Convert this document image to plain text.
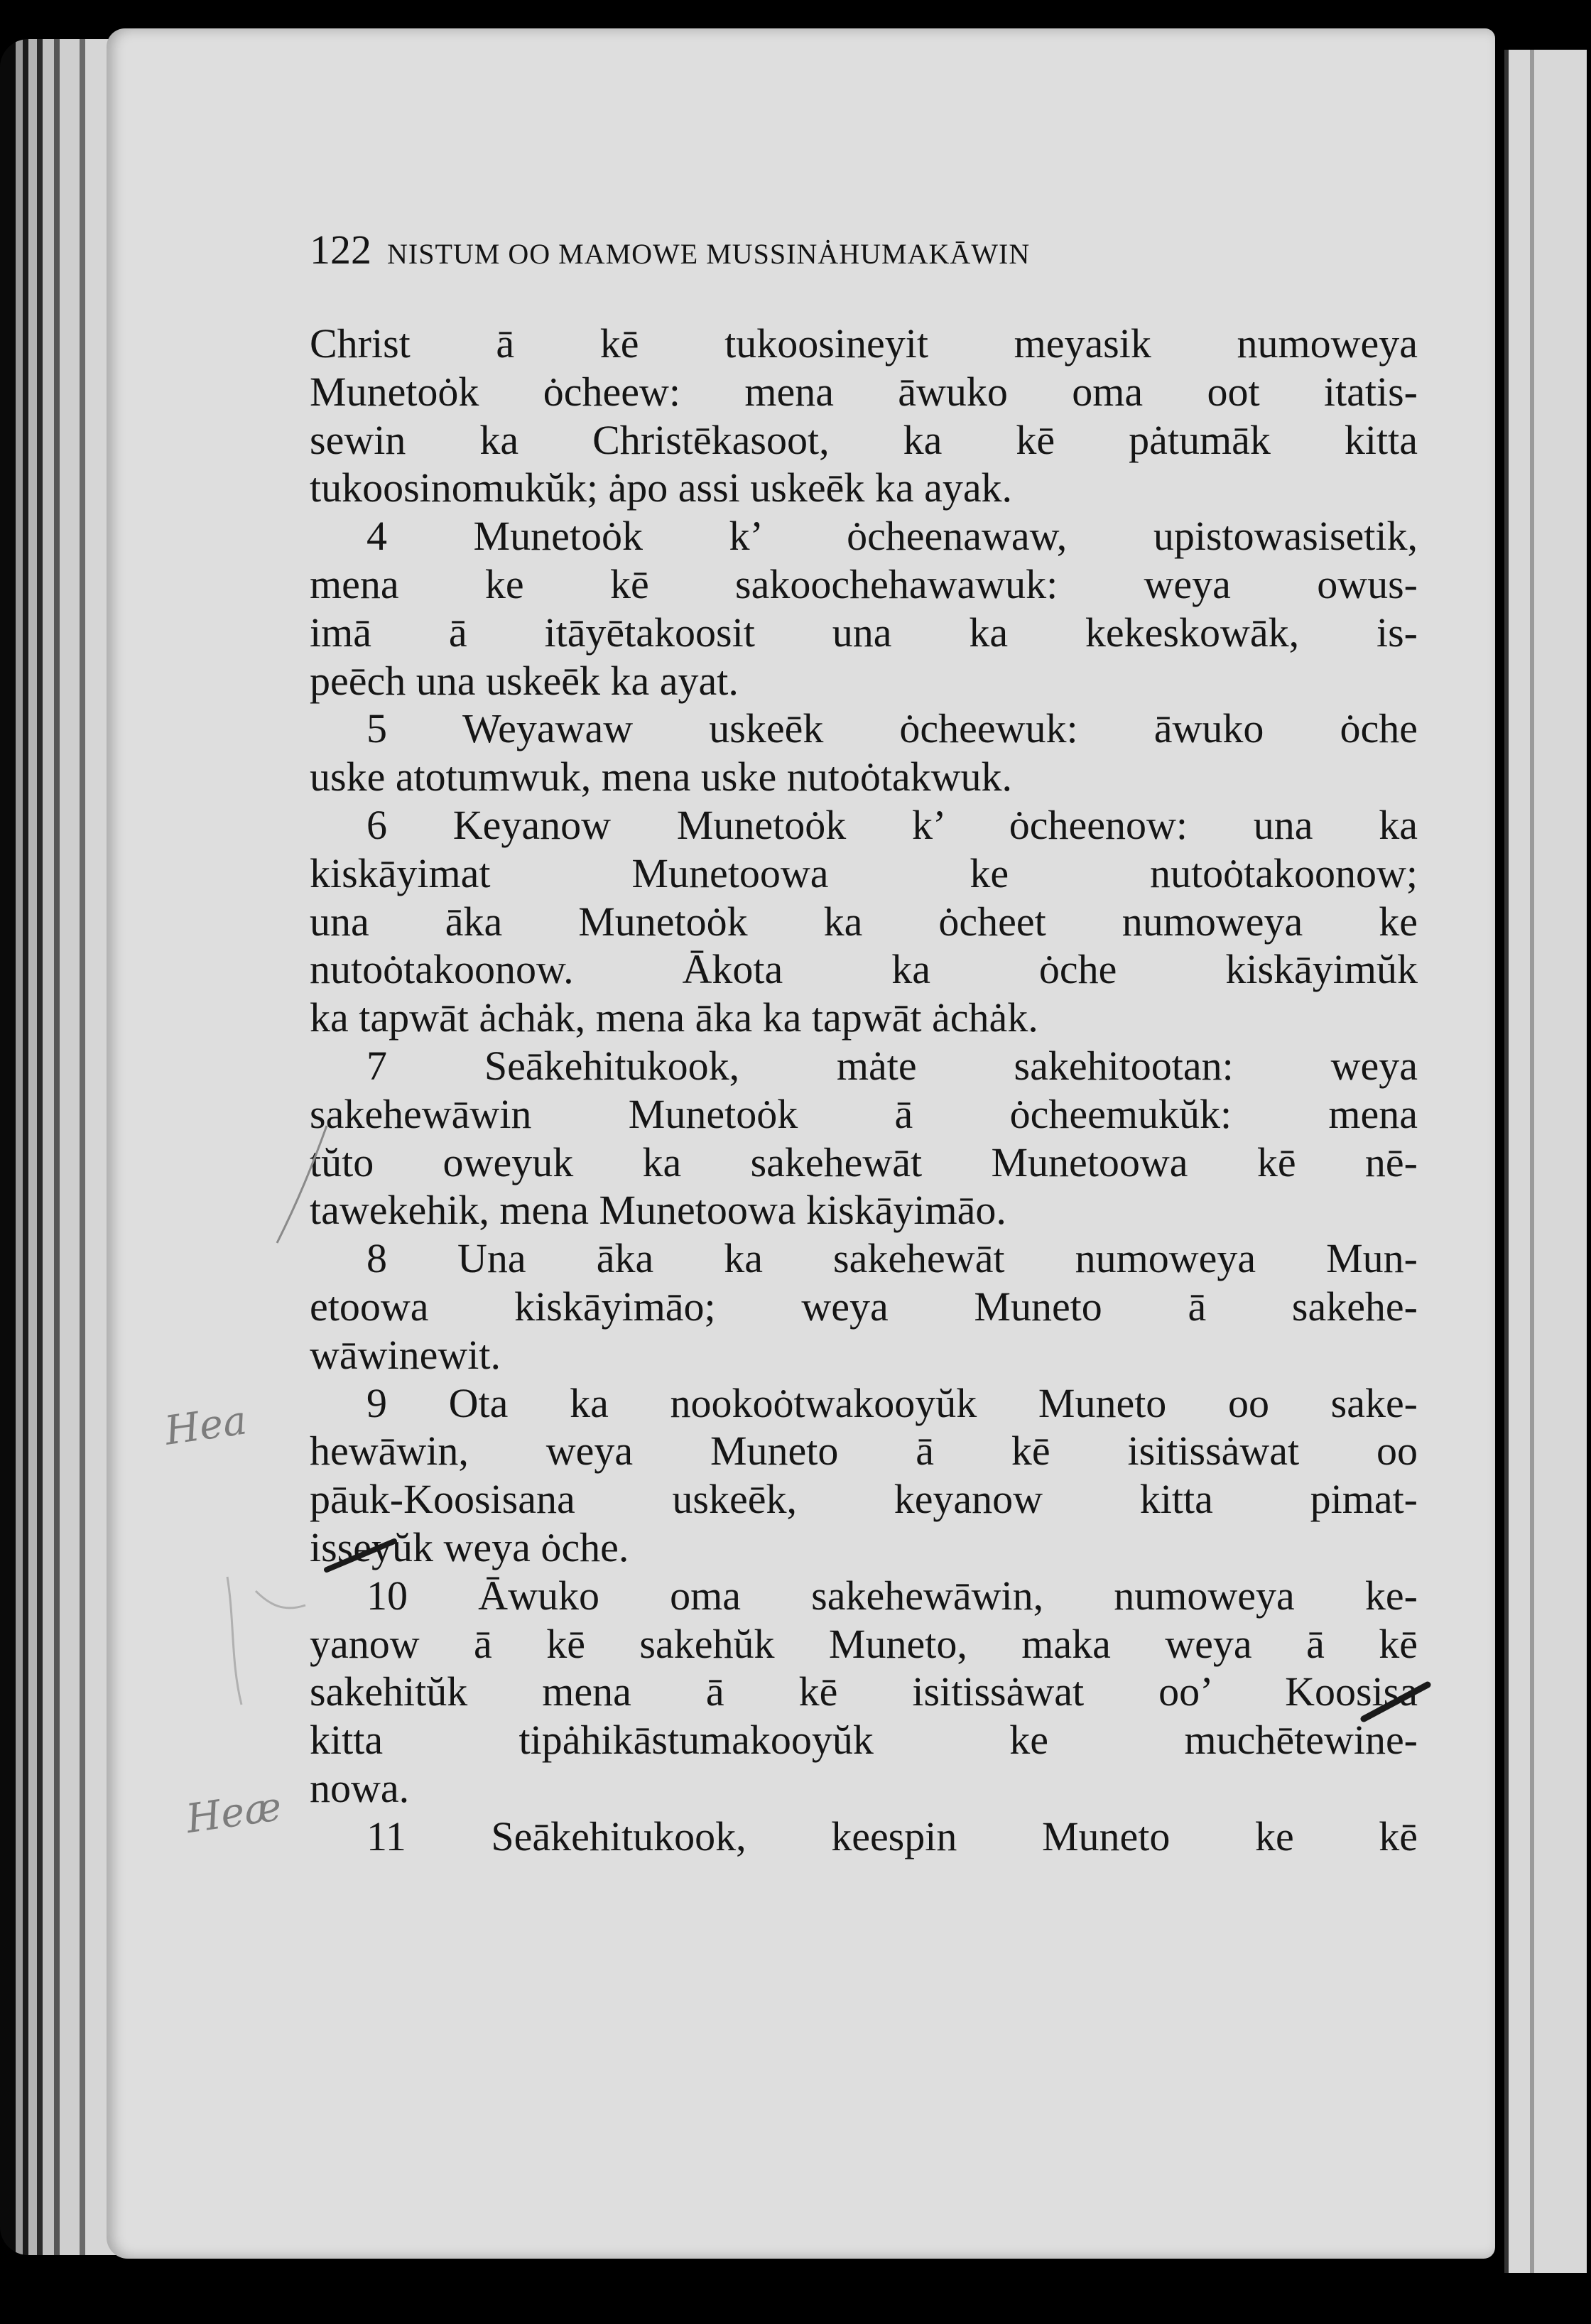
122 NISTUM OO MAMOWE MUSSINȦHUMAKĀWIN
Christ ā kē tukoosineyit meyasik numoweya
Munetoȯk ȯcheew: mena āwuko oma oot itatis-
sewin ka Christēkasoot, ka kē pȧtumāk kitta
tukoosinomukŭk; ȧpo assi uskeēk ka ayak.
4 Munetoȯk k’ ȯcheenawaw, upistowasisetik,
mena ke kē sakoochehawawuk: weya owus-
imā ā itāyētakoosit una ka kekeskowāk, is-
peēch una uskeēk ka ayat.
5 Weyawaw uskeēk ȯcheewuk: āwuko ȯche
uske atotumwuk, mena uske nutoȯtakwuk.
6 Keyanow Munetoȯk k’ ȯcheenow: una ka
kiskāyimat Munetoowa ke nutoȯtakoonow;
una āka Munetoȯk ka ȯcheet numoweya ke
nutoȯtakoonow. Ākota ka ȯche kiskāyimŭk
ka tapwāt ȧchȧk, mena āka ka tapwāt ȧchȧk.
7 Seākehitukook, mȧte sakehitootan: weya
sakehewāwin Munetoȯk ā ȯcheemukŭk: mena
tŭto oweyuk ka sakehewāt Munetoowa kē nē-
tawekehik, mena Munetoowa kiskāyimāo.
8 Una āka ka sakehewāt numoweya Mun-
etoowa kiskāyimāo; weya Muneto ā sakehe-
wāwinewit.
9 Ota ka nookoȯtwakooyŭk Muneto oo sake-
hewāwin, weya Muneto ā kē isitissȧwat oo
pāuk-Koosisana uskeēk, keyanow kitta pimat-
isseyŭk weya ȯche.
10 Āwuko oma sakehewāwin, numoweya ke-
yanow ā kē sakehŭk Muneto, maka weya ā kē
sakehitŭk mena ā kē isitissȧwat oo’ Koosisa
kitta tipȧhikāstumakooyŭk ke muchētewine-
nowa.
11 Seākehitukook, keespin Muneto ke kē
Hea
Heæ
